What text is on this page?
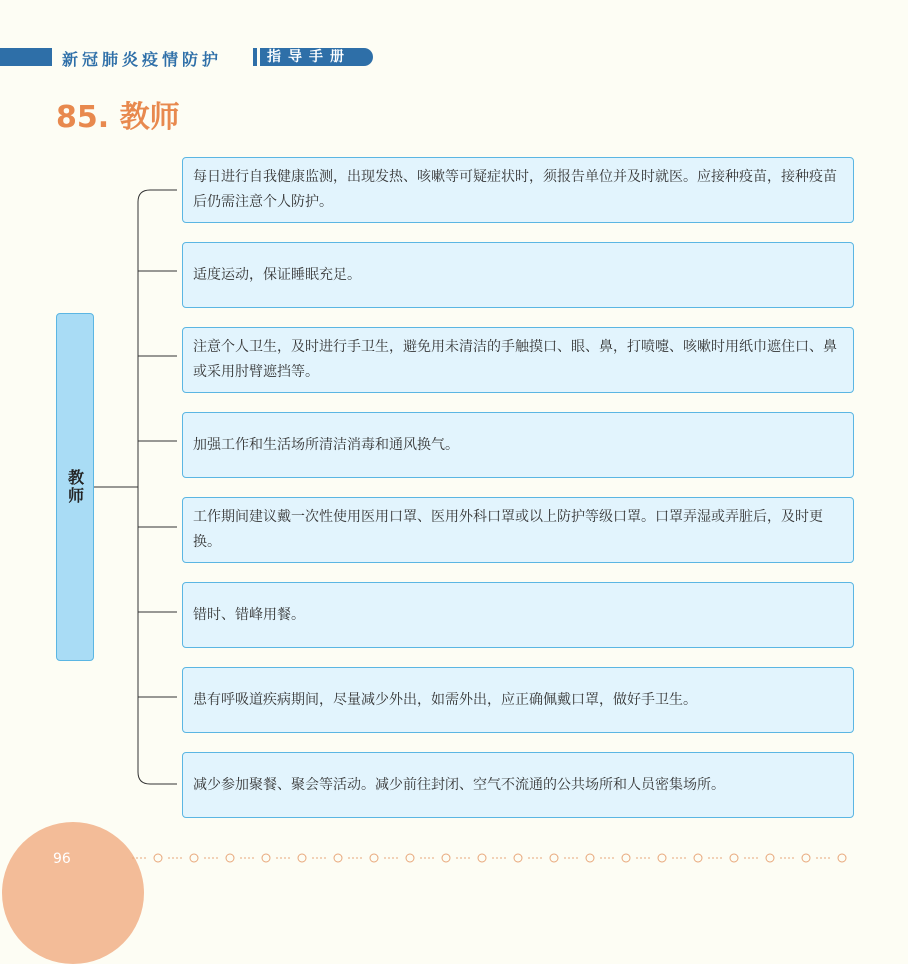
新冠肺炎疫情防护	指导手册
85. 教师
教师
每日进行自我健康监测，出现发热、咳嗽等可疑症状时，须报告单位并及时就医。应接种疫苗，接种疫苗后仍需注意个人防护。
适度运动，保证睡眠充足。
注意个人卫生，及时进行手卫生，避免用未清洁的手触摸口、眼、鼻，打喷嚏、咳嗽时用纸巾遮住口、鼻或采用肘臂遮挡等。
加强工作和生活场所清洁消毒和通风换气。
工作期间建议戴一次性使用医用口罩、医用外科口罩或以上防护等级口罩。口罩弄湿或弄脏后，及时更换。
错时、错峰用餐。
患有呼吸道疾病期间，尽量减少外出，如需外出，应正确佩戴口罩，做好手卫生。
减少参加聚餐、聚会等活动。减少前往封闭、空气不流通的公共场所和人员密集场所。
96
